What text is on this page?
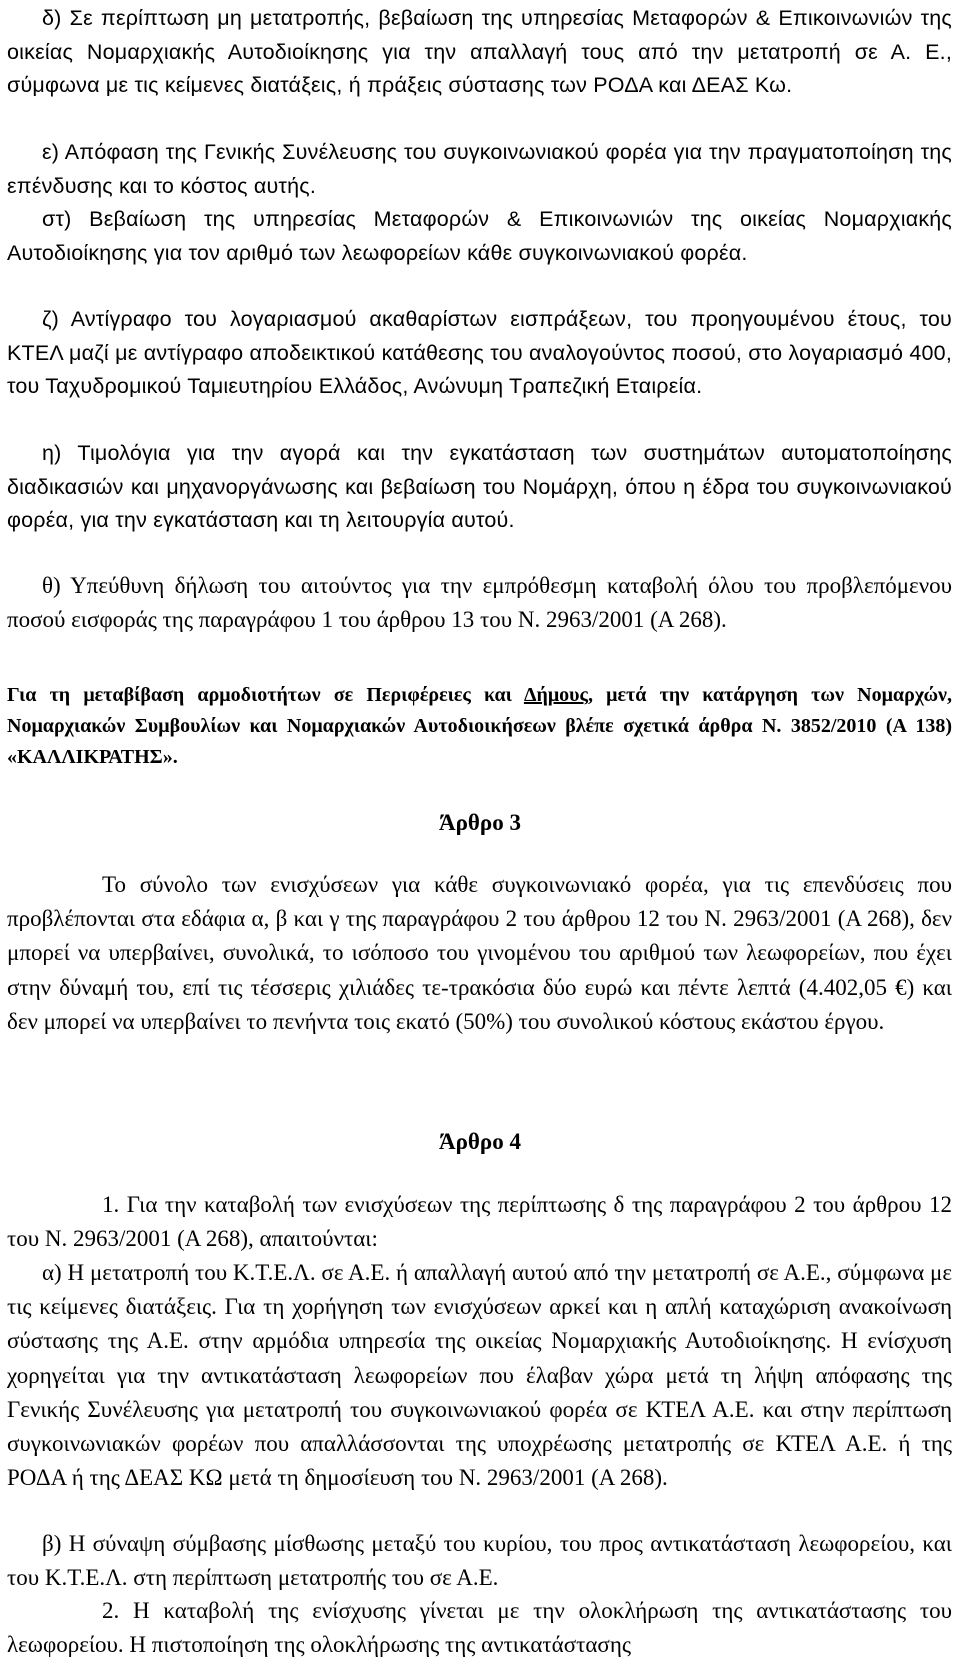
δ) Σε περίπτωση μη μετατροπής, βεβαίωση της υπηρεσίας Μεταφορών & Επικοινωνιών της οικείας Νομαρχιακής Αυτοδιοίκησης για την απαλλαγή τους από την μετατροπή σε Α. Ε., σύμφωνα με τις κείμενες διατάξεις, ή πράξεις σύστασης των ΡΟΔΑ και ΔΕΑΣ Κω.

ε) Απόφαση της Γενικής Συνέλευσης του συγκοινωνιακού φορέα για την πραγματοποίηση της επένδυσης και το κόστος αυτής.

στ) Βεβαίωση της υπηρεσίας Μεταφορών & Επικοινωνιών της οικείας Νομαρχιακής Αυτοδιοίκησης για τον αριθμό των λεωφορείων κάθε συγκοινωνιακού φορέα.

ζ) Αντίγραφο του λογαριασμού ακαθαρίστων εισπράξεων, του προηγουμένου έτους, του ΚΤΕΛ μαζί με αντίγραφο αποδεικτικού κατάθεσης του αναλογούντος ποσού, στο λογαριασμό 400, του Ταχυδρομικού Ταμιευτηρίου Ελλάδος, Ανώνυμη Τραπεζική Εταιρεία.

η) Τιμολόγια για την αγορά και την εγκατάσταση των συστημάτων αυτοματοποίησης διαδικασιών και μηχανοργάνωσης και βεβαίωση του Νομάρχη, όπου η έδρα του συγκοινωνιακού φορέα, για την εγκατάσταση και τη λειτουργία αυτού.

θ) Υπεύθυνη δήλωση του αιτούντος για την εμπρόθεσμη καταβολή όλου του προβλεπόμενου ποσού εισφοράς της παραγράφου 1 του άρθρου 13 του Ν. 2963/2001 (Α 268).

Για τη μεταβίβαση αρμοδιοτήτων σε Περιφέρειες και Δήμους, μετά την κατάργηση των Νομαρχών, Νομαρχιακών Συμβουλίων και Νομαρχιακών Αυτοδιοικήσεων βλέπε σχετικά άρθρα Ν. 3852/2010 (Α 138) «ΚΑΛΛΙΚΡΑΤΗΣ».

Άρθρο 3

Το σύνολο των ενισχύσεων για κάθε συγκοινωνιακό φορέα, για τις επενδύσεις που προβλέπονται στα εδάφια α, β και γ της παραγράφου 2 του άρθρου 12 του Ν. 2963/2001 (Α 268), δεν μπορεί να υπερβαίνει, συνολικά, το ισόποσο του γινομένου του αριθμού των λεωφορείων, που έχει στην δύναμή του, επί τις τέσσερις χιλιάδες τε-τρακόσια δύο ευρώ και πέντε λεπτά (4.402,05 €) και δεν μπορεί να υπερβαίνει το πενήντα τοις εκατό (50%) του συνολικού κόστους εκάστου έργου.

Άρθρο 4

1. Για την καταβολή των ενισχύσεων της περίπτωσης δ της παραγράφου 2 του άρθρου 12 του Ν. 2963/2001 (Α 268), απαιτούνται:

α) Η μετατροπή του Κ.Τ.Ε.Λ. σε Α.Ε. ή απαλλαγή αυτού από την μετατροπή σε Α.Ε., σύμφωνα με τις κείμενες διατάξεις. Για τη χορήγηση των ενισχύσεων αρκεί και η απλή καταχώριση ανακοίνωση σύστασης της Α.Ε. στην αρμόδια υπηρεσία της οικείας Νομαρχιακής Αυτοδιοίκησης. Η ενίσχυση χορηγείται για την αντικατάσταση λεωφορείων που έλαβαν χώρα μετά τη λήψη απόφασης της Γενικής Συνέλευσης για μετατροπή του συγκοινωνιακού φορέα σε ΚΤΕΛ Α.Ε. και στην περίπτωση συγκοινωνιακών φορέων που απαλλάσσονται της υποχρέωσης μετατροπής σε ΚΤΕΛ Α.Ε. ή της ΡΟΔΑ ή της ΔΕΑΣ ΚΩ μετά τη δημοσίευση του Ν. 2963/2001 (Α 268).

β) Η σύναψη σύμβασης μίσθωσης μεταξύ του κυρίου, του προς αντικατάσταση λεωφορείου, και του Κ.Τ.Ε.Λ. στη περίπτωση μετατροπής του σε Α.Ε.

2. Η καταβολή της ενίσχυσης γίνεται με την ολοκλήρωση της αντικατάστασης του λεωφορείου. Η πιστοποίηση της ολοκλήρωσης της αντικατάστασης
